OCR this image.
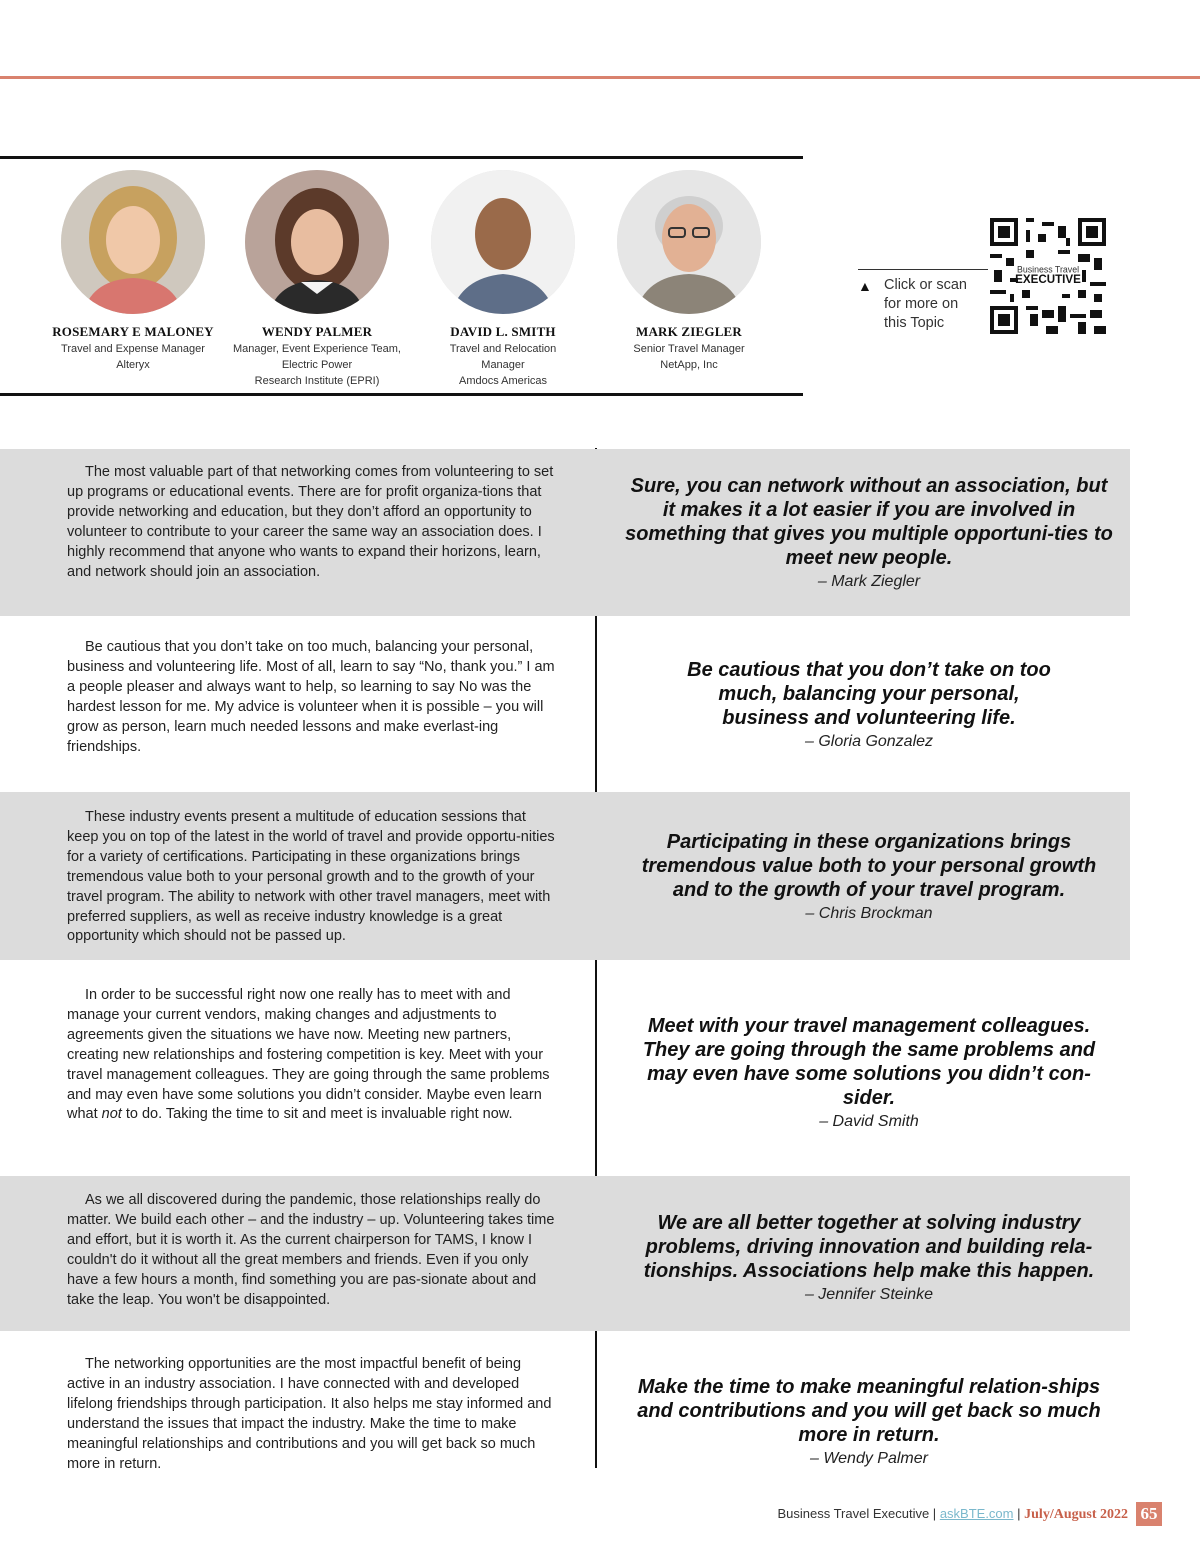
ROSEMARY E MALONEY
Travel and Expense Manager
Alteryx
WENDY PALMER
Manager, Event Experience Team,
Electric Power
Research Institute (EPRI)
DAVID L. SMITH
Travel and Relocation
Manager
Amdocs Americas
MARK ZIEGLER
Senior Travel Manager
NetApp, Inc
▲ Click or scan
for more on
this Topic
Business Travel
EXECUTIVE

The most valuable part of that networking comes from volunteering to set up programs or educational events. There are for profit organiza-tions that provide networking and education, but they don’t afford an opportunity to volunteer to contribute to your career the same way an association does. I highly recommend that anyone who wants to expand their horizons, learn, and network should join an association.

Sure, you can network without an association, but it makes it a lot easier if you are involved in something that gives you multiple opportuni-ties to meet new people.

– Mark Ziegler

Be cautious that you don’t take on too much, balancing your personal, business and volunteering life. Most of all, learn to say “No, thank you.” I am a people pleaser and always want to help, so learning to say No was the hardest lesson for me. My advice is volunteer when it is possible – you will grow as person, learn much needed lessons and make everlast-ing friendships.

Be cautious that you don’t take on too much, balancing your personal, business and volunteering life.

– Gloria Gonzalez

These industry events present a multitude of education sessions that keep you on top of the latest in the world of travel and provide opportu-nities for a variety of certifications. Participating in these organizations brings tremendous value both to your personal growth and to the growth of your travel program. The ability to network with other travel managers, meet with preferred suppliers, as well as receive industry knowledge is a great opportunity which should not be passed up.

Participating in these organizations brings tremendous value both to your personal growth and to the growth of your travel program.

– Chris Brockman

In order to be successful right now one really has to meet with and manage your current vendors, making changes and adjustments to agreements given the situations we have now. Meeting new partners, creating new relationships and fostering competition is key. Meet with your travel management colleagues. They are going through the same problems and may even have some solutions you didn’t consider. Maybe even learn what not to do. Taking the time to sit and meet is invaluable right now.

Meet with your travel management colleagues. They are going through the same problems and may even have some solutions you didn’t con-sider.

– David Smith

As we all discovered during the pandemic, those relationships really do matter. We build each other – and the industry – up. Volunteering takes time and effort, but it is worth it. As the current chairperson for TAMS, I know I couldn't do it without all the great members and friends. Even if you only have a few hours a month, find something you are pas-sionate about and take the leap. You won't be disappointed.

We are all better together at solving industry problems, driving innovation and building rela-tionships. Associations help make this happen.

– Jennifer Steinke

The networking opportunities are the most impactful benefit of being active in an industry association. I have connected with and developed lifelong friendships through participation. It also helps me stay informed and understand the issues that impact the industry. Make the time to make meaningful relationships and contributions and you will get back so much more in return.

Make the time to make meaningful relation-ships and contributions and you will get back so much more in return.

– Wendy Palmer
Business Travel Executive | askBTE.com | July/August 2022 65
